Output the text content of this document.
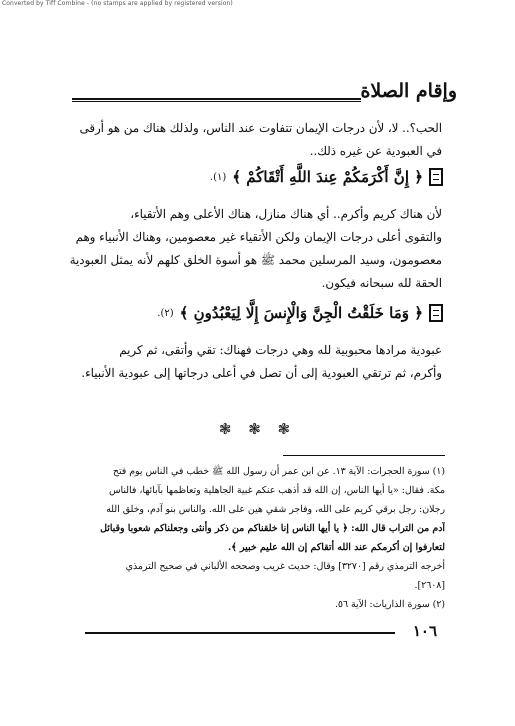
Converted by Tiff Combine - (no stamps are applied by registered version)
وإقام الصلاة
الحب؟.. لا، لأن درجات الإيمان تتفاوت عند الناس، ولذلك هناك من هو أرقى
في العبودية عن غيره ذلك..
﴿ إِنَّ أَكْرَمَكُمْ عِندَ اللَّهِ أَتْقَاكُمْ ﴾
(١).
لأن هناك كريم وأكرم.. أي هناك منازل، هناك الأعلى وهم الأتقياء،
والتقوى أعلى درجات الإيمان ولكن الأتقياء غير معصومين، وهناك الأنبياء وهم
معصومون، وسيد المرسلين محمد ﷺ هو أسوة الخلق كلهم لأنه يمثل العبودية
الحقة لله سبحانه فيكون.
﴿ وَمَا خَلَقْتُ الْجِنَّ وَالْإِنسَ إِلَّا لِيَعْبُدُونِ ﴾
(٢).
عبودية مرادها محبوبية لله وهي درجات فهناك: تقي وأتقى، ثم كريم
وأكرم، ثم ترتقي العبودية إلى أن تصل في أعلى درجاتها إلى عبودية الأنبياء.
❃ ❃ ❃
(١) سورة الحجرات: الآية ١٣. عن ابن عمر أن رسول الله ﷺ خطب في الناس يوم فتح
مكة. فقال: «يا أيها الناس، إن الله قد أذهب عنكم غبية الجاهلية وتعاظمها بآبائها، فالناس
رجلان: رجل برقي كريم على الله، وفاجر شقي هين على الله. والناس بنو آدم، وخلق الله
آدم من التراب قال الله: ﴿ يا أيها الناس إنا خلقناكم من ذكر وأنثى وجعلناكم شعوبا وقبائل
لتعارفوا إن أكرمكم عند الله أتقاكم إن الله عليم خبير ﴾.
أخرجه الترمذي رقم [٣٢٧٠] وقال: حديث غريب وصححه الألباني في صحيح الترمذي
[٢٦٠٨].
(٢) سورة الذاريات: الآية ٥٦.
١٠٦
